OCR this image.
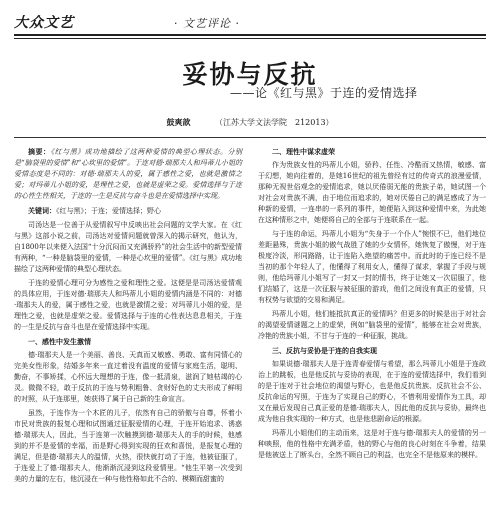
大众文艺	· 文艺评论 ·
妥协与反抗
——论《红与黑》于连的爱情选择
鼓爽歆	（江苏大学文法学院　212013）

摘要：《红与黑》成功地描绘了这两种爱情的典型心理状态。分别是“脑袋里的爱情”和“心坎里的爱情”。于连对德·瑞那夫人和玛蒂儿小姐的爱情态度是不同的：对德·瑞那夫人的爱，属于感性之爱，也就是激情之爱；对玛蒂儿小姐的爱，是理性之爱，也就是虚荣之爱。爱情选择与于连的心性生性相关，于连的一生是反抗与奋斗也是在爱情选择中实现。

关键词：《红与黑》；于连；爱情选择；野心

司汤达是一位善于从爱情叙写中反映出社会问题的文学大家。在《红与黑》这部小说之前，司汤达对爱情问题就曾深入的揭示研究，他认为，自1800年以来便入法国“十分沉闷而又充满骄矜”的社会生活中的新型爱情有两种，“一种是脑袋里的爱情，一种是心坎里的爱情”。《红与黑》成功地描绘了这两种爱情的典型心理状态。

于连的爱情心理可分为感性之爱和理性之爱。这便是是司汤达爱情观的具体应用，于连对德·瑞那夫人和玛蒂儿小姐的爱情内涵是不同的：对德·瑞那夫人的爱，属于感性之爱，也就是激情之爱；对玛蒂儿小姐的爱，是理性之爱，也就是虚荣之爱。爱情选择与于连的心性表达息息相关，于连的一生是反抗与奋斗也是在爱情选择中实现。

一、感性中发生激情

德·瑞那夫人是一个美丽、善良、天真而又敏感、勇敢、富有同情心的完美女性形象，结婚多年来一直过着没有温度的爱情与家庭生活，聪明、勤奋，不事矫揉，心怀远大理想的于连，像一抵清泉，滋润了她枯竭的心灵。微微不轻，敢于反抗的于连与势利粗鲁、贪财好色的丈夫形成了鲜明的对照，从于连那里，她获得了属于自己新的生命宣言。

虽然，于连作为一个木匠的儿子，依然有自己的骄傲与自尊，怀着小市民对贵族的报复心理和试图通过征服爱情的心理，于连开始追求、诱惑德·瑞那夫人，因此，当于连第一次触摸到德·瑞那夫人的手的时候，他感到的并不是爱情的幸福，而是野心得到实现的狂欢和喜悦，是报复心理的满足，但是德·瑞那夫人的温情，火热，很快就打动了于连，他被征服了，于连爱上了德·瑞那夫人，他渐渐沉浸到这段爱情里。“他生平第一次受到美的力量的左右，他沉浸在一种与他性格如此不合的、模糊而甜蜜的

二、理性中谋求虚荣

作为贵族女性的玛蒂儿小姐，骄矜、任性、冷酷而又热情，敏感、富于幻想，她向往着的，是她16世纪的祖先曾经有过的传奇式的浪漫爱情，那种无视世俗观念的爱情追求，她以厌倦弱无能的贵族子弟，她试图一个对社会对贵族不满，由于地位而追求的，她对厌倦自己的满足感成了为一种新的爱情，一连串的一系列的事件，她便陷入到这种爱情中来，为此她在这种情形之中，她便将自己的全部与于连联系在一起。

与于连的命运，玛蒂儿小姐为“失身于一个仆人”惋恨不已，他们地位差距悬殊，贵族小姐的傲气战胜了她的少女情怀，她恢复了傲慢，对于连极度冷淡，形同路路，让于连陷入绝望的痛苦中。而此时的于连已经不是当初的那个年轻人了，他懂得了利用女人，懂得了谋求，掌握了手段与规则，他给玛蒂儿小姐写了一封又一封的情书，终于让她又一次屈服了，他们结婚了，这是一次征服与被征服的游戏，他们之间没有真正的爱情，只有权势与欲望的交易和满足。

玛蒂儿小姐，他们能抵抗真正的爱情吗？但更多的时候是出于对社会的渴望爱情谜题之上的虚荣，例如“脑袋里的爱情”，能够在社会对贵族，冷艳的贵族小姐，不甘与于连的一种征服，挑战。

三、反抗与妥协是于连的自我实现

如果说德·瑞那夫人是于连青春爱情与希望，那么玛蒂儿小姐是于连政治上的跳板，也是他反抗与妥协的表现，在于连的爱情选择中，我们看到的是于连对于社会地位的渴望与野心，也是他反抗贵族、反抗社会不公、反抗命运的写照，于连为了实现自己的野心，不惜利用爱情作为工具，却又在最后发现自己真正爱的是德·瑞那夫人，因此他的反抗与妥协，最终也成为他自我实现的一种方式，也是他悲剧命运的根源。

玛蒂儿小姐他们的主动而来，这是对于连与德·瑞那夫人的爱情的另一种映照，他的性格中充满矛盾，他的野心与他的良心时刻在斗争着，结果是他被送上了断头台，全然不顾自己的利益，也完全不是他原来的模样。
